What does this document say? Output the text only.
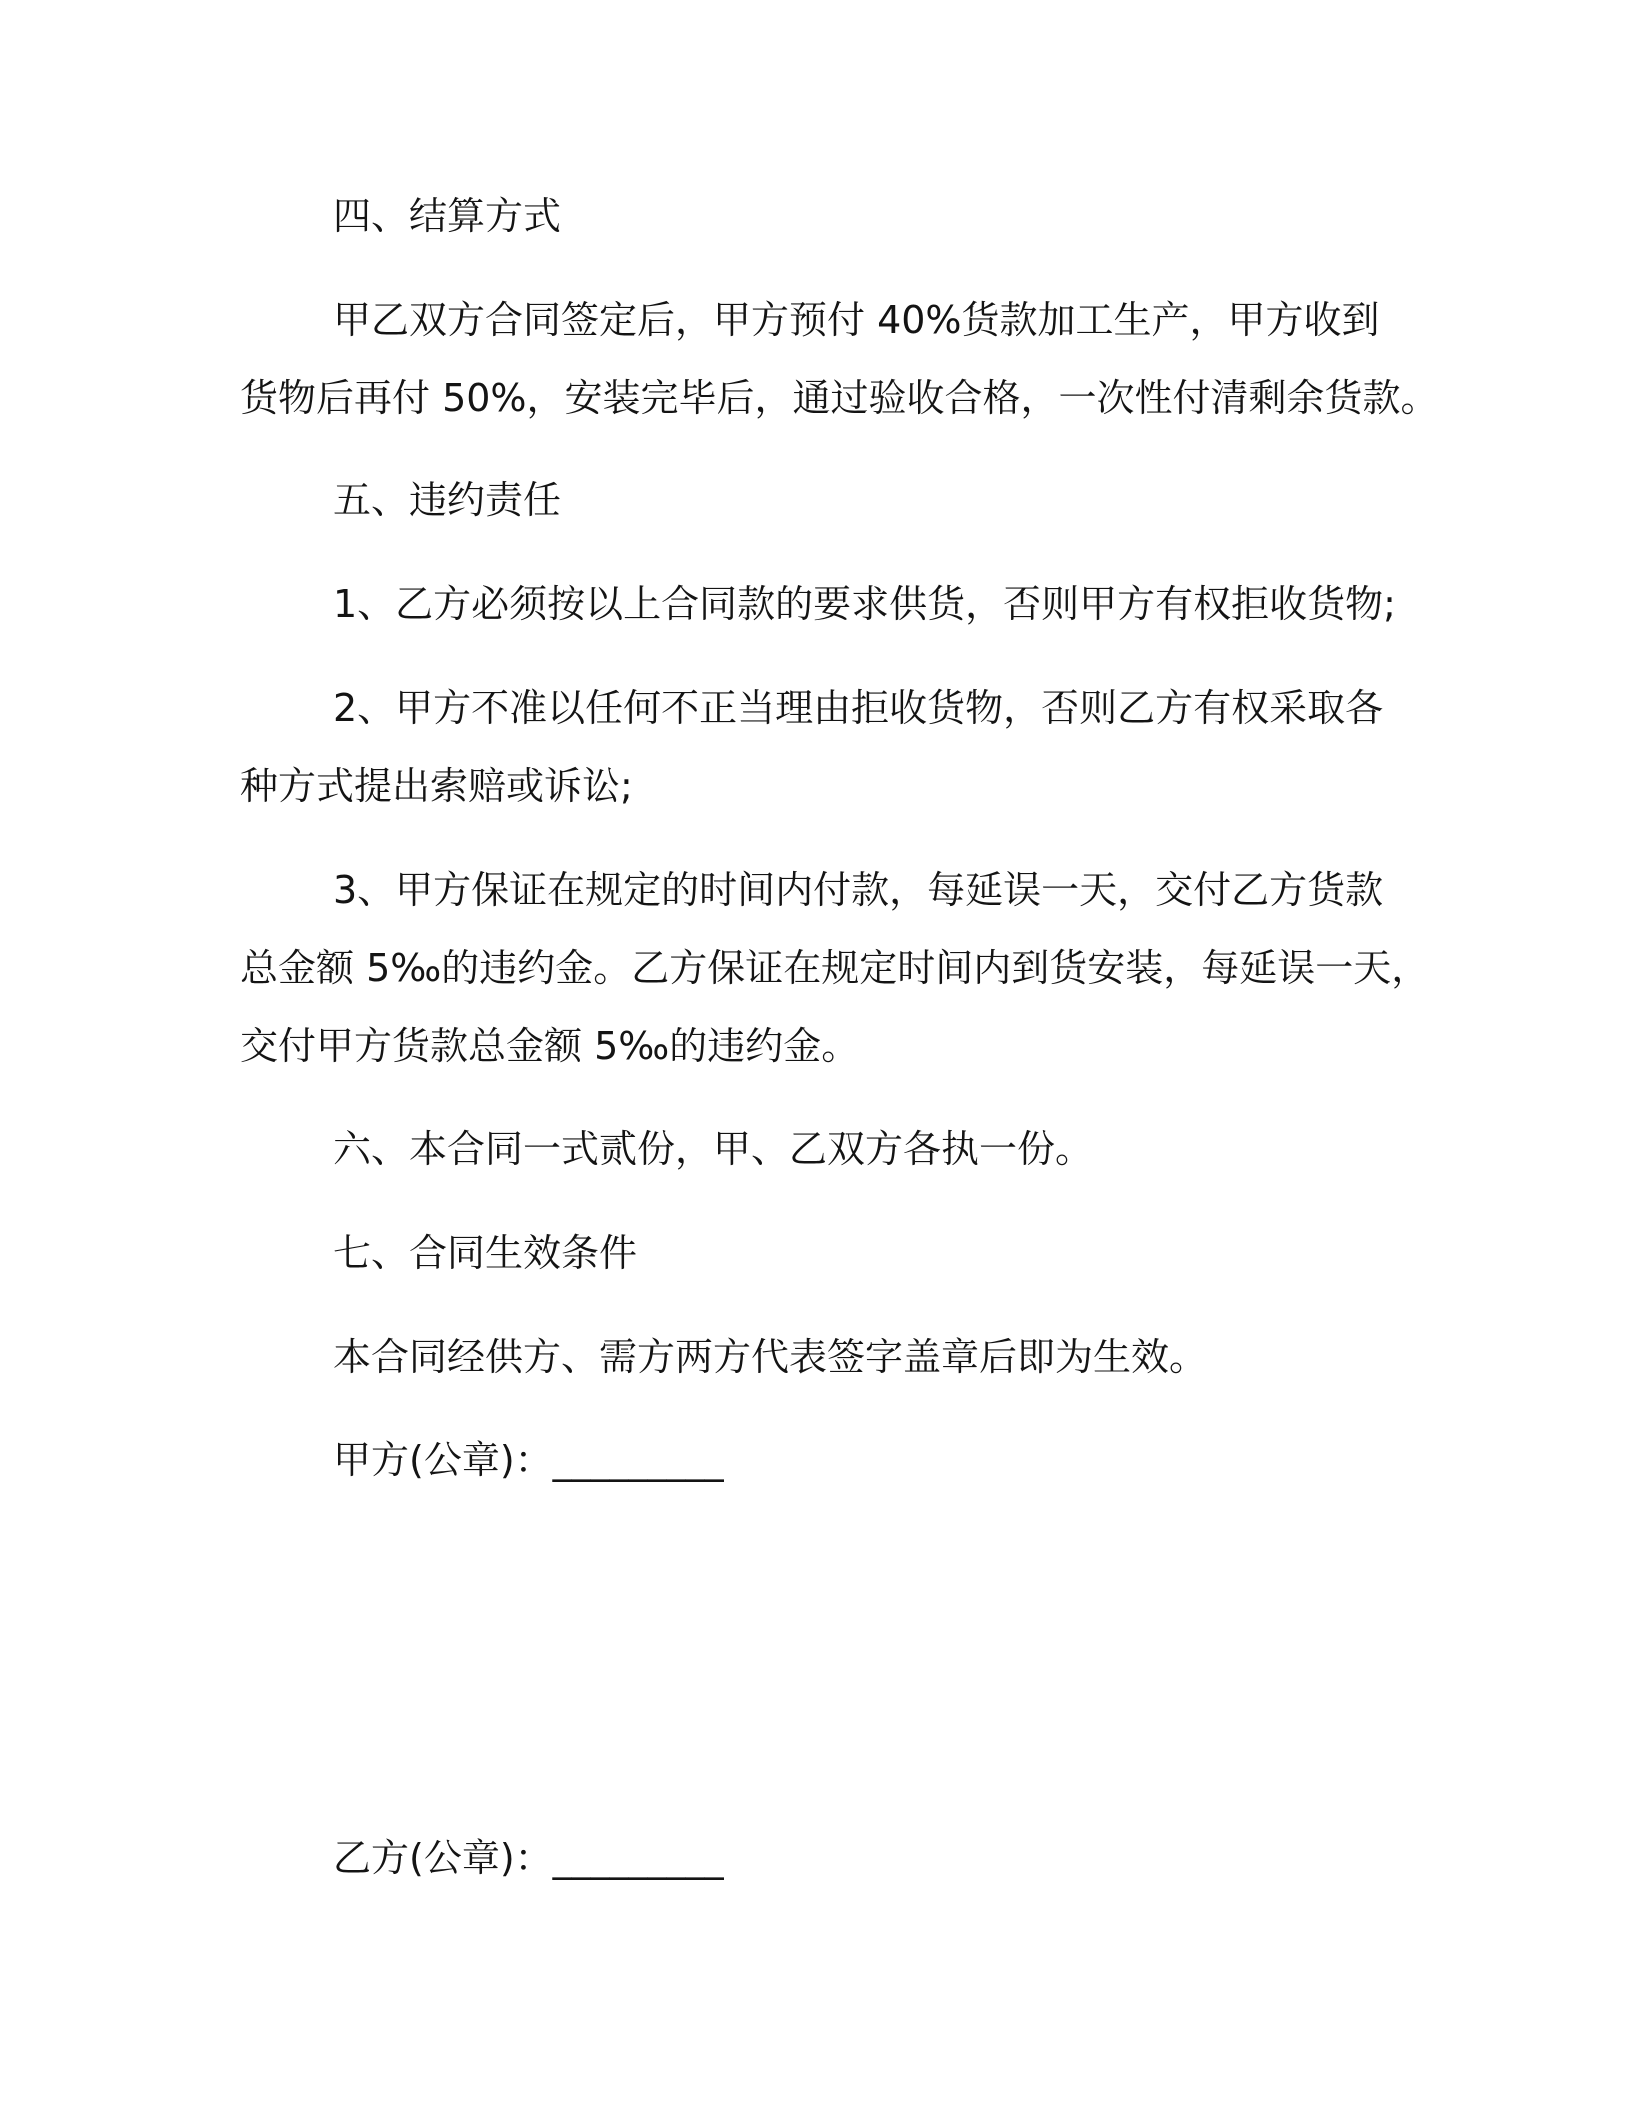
四、结算方式
甲乙双方合同签定后，甲方预付 40%货款加工生产，甲方收到
货物后再付 50%，安装完毕后，通过验收合格，一次性付清剩余货款。
五、违约责任
1、乙方必须按以上合同款的要求供货，否则甲方有权拒收货物;
2、甲方不准以任何不正当理由拒收货物，否则乙方有权采取各
种方式提出索赔或诉讼;
3、甲方保证在规定的时间内付款，每延误一天，交付乙方货款
总金额 5‰的违约金。乙方保证在规定时间内到货安装，每延误一天，
交付甲方货款总金额 5‰的违约金。
六、本合同一式贰份，甲、乙双方各执一份。
七、合同生效条件
本合同经供方、需方两方代表签字盖章后即为生效。
甲方(公章)：_________
乙方(公章)：_________
